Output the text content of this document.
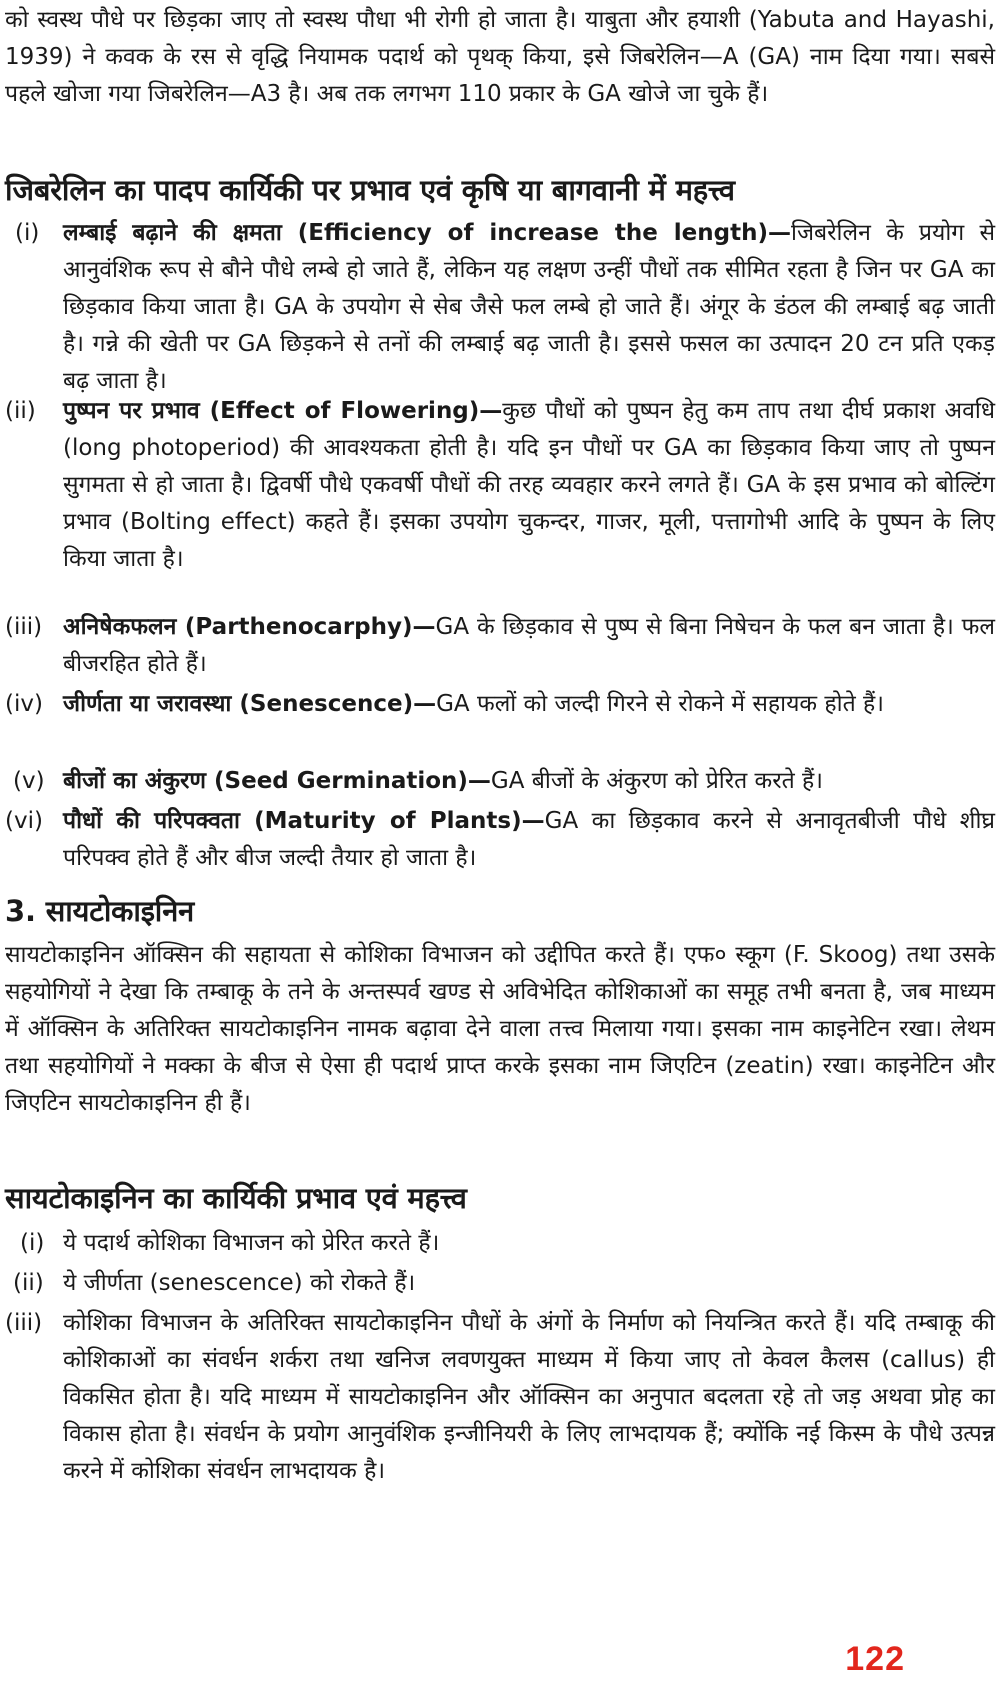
को स्वस्थ पौधे पर छिड़का जाए तो स्वस्थ पौधा भी रोगी हो जाता है। याबुता और हयाशी (Yabuta and Hayashi, 1939) ने कवक के रस से वृद्धि नियामक पदार्थ को पृथक् किया, इसे जिबरेलिन—A (GA) नाम दिया गया। सबसे पहले खोजा गया जिबरेलिन—A3 है। अब तक लगभग 110 प्रकार के GA खोजे जा चुके हैं।

जिबरेलिन का पादप कार्यिकी पर प्रभाव एवं कृषि या बागवानी में महत्त्व
(i)	लम्बाई बढ़ाने की क्षमता (Efficiency of increase the length)—जिबरेलिन के प्रयोग से आनुवंशिक रूप से बौने पौधे लम्बे हो जाते हैं, लेकिन यह लक्षण उन्हीं पौधों तक सीमित रहता है जिन पर GA का छिड़काव किया जाता है। GA के उपयोग से सेब जैसे फल लम्बे हो जाते हैं। अंगूर के डंठल की लम्बाई बढ़ जाती है। गन्ने की खेती पर GA छिड़कने से तनों की लम्बाई बढ़ जाती है। इससे फसल का उत्पादन 20 टन प्रति एकड़ बढ़ जाता है।
(ii)	पुष्पन पर प्रभाव (Effect of Flowering)—कुछ पौधों को पुष्पन हेतु कम ताप तथा दीर्घ प्रकाश अवधि (long photoperiod) की आवश्यकता होती है। यदि इन पौधों पर GA का छिड़काव किया जाए तो पुष्पन सुगमता से हो जाता है। द्विवर्षी पौधे एकवर्षी पौधों की तरह व्यवहार करने लगते हैं। GA के इस प्रभाव को बोल्टिंग प्रभाव (Bolting effect) कहते हैं। इसका उपयोग चुकन्दर, गाजर, मूली, पत्तागोभी आदि के पुष्पन के लिए किया जाता है।
(iii) अनिषेकफलन (Parthenocarphy)—GA के छिड़काव से पुष्प से बिना निषेचन के फल बन जाता है। फल बीजरहित होते हैं।
(iv) जीर्णता या जरावस्था (Senescence)—GA फलों को जल्दी गिरने से रोकने में सहायक होते हैं।
(v) बीजों का अंकुरण (Seed Germination)—GA बीजों के अंकुरण को प्रेरित करते हैं।
(vi) पौधों की परिपक्वता (Maturity of Plants)—GA का छिड़काव करने से अनावृतबीजी पौधे शीघ्र परिपक्व होते हैं और बीज जल्दी तैयार हो जाता है।
3. सायटोकाइनिन

सायटोकाइनिन ऑक्सिन की सहायता से कोशिका विभाजन को उद्दीपित करते हैं। एफ० स्कूग (F. Skoog) तथा उसके सहयोगियों ने देखा कि तम्बाकू के तने के अन्तस्पर्व खण्ड से अविभेदित कोशिकाओं का समूह तभी बनता है, जब माध्यम में ऑक्सिन के अतिरिक्त सायटोकाइनिन नामक बढ़ावा देने वाला तत्त्व मिलाया गया। इसका नाम काइनेटिन रखा। लेथम तथा सहयोगियों ने मक्का के बीज से ऐसा ही पदार्थ प्राप्त करके इसका नाम जिएटिन (zeatin) रखा। काइनेटिन और जिएटिन सायटोकाइनिन ही हैं।

सायटोकाइनिन का कार्यिकी प्रभाव एवं महत्त्व
(i) ये पदार्थ कोशिका विभाजन को प्रेरित करते हैं।
(ii) ये जीर्णता (senescence) को रोकते हैं।
(iii) कोशिका विभाजन के अतिरिक्त सायटोकाइनिन पौधों के अंगों के निर्माण को नियन्त्रित करते हैं। यदि तम्बाकू की कोशिकाओं का संवर्धन शर्करा तथा खनिज लवणयुक्त माध्यम में किया जाए तो केवल कैलस (callus) ही विकसित होता है। यदि माध्यम में सायटोकाइनिन और ऑक्सिन का अनुपात बदलता रहे तो जड़ अथवा प्रोह का विकास होता है। संवर्धन के प्रयोग आनुवंशिक इन्जीनियरी के लिए लाभदायक हैं; क्योंकि नई किस्म के पौधे उत्पन्न करने में कोशिका संवर्धन लाभदायक है।
122
